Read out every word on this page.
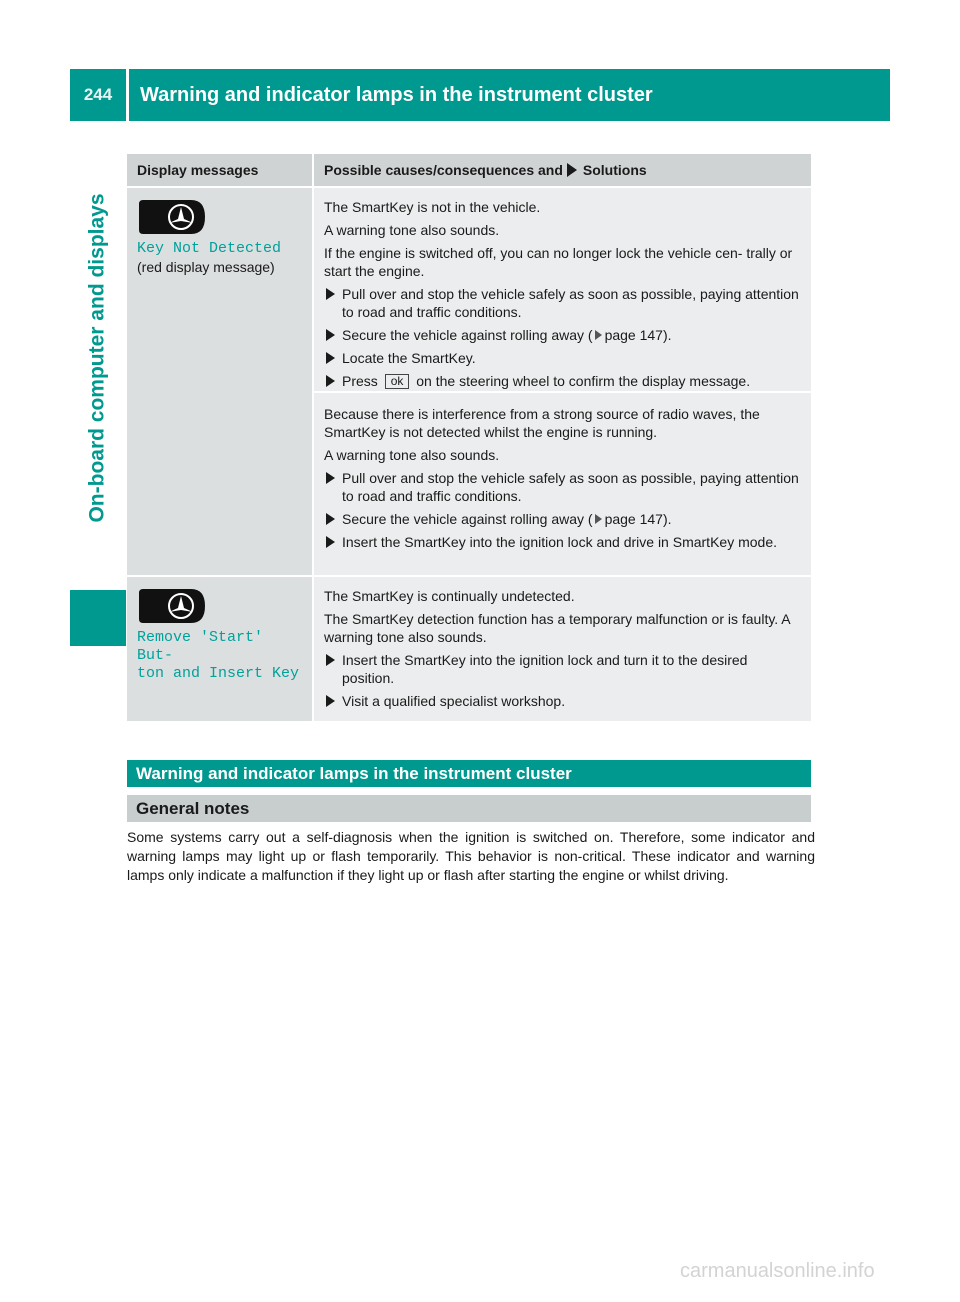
244	Warning and indicator lamps in the instrument cluster
On-board computer and displays
Display messages	Possible causes/consequences and Solutions
Key Not Detected
(red display message)

The SmartKey is not in the vehicle.

A warning tone also sounds.

If the engine is switched off, you can no longer lock the vehicle cen- trally or start the engine.

Pull over and stop the vehicle safely as soon as possible, paying attention to road and traffic conditions.
Secure the vehicle against rolling away ( page 147).
Locate the SmartKey.
Press ok on the steering wheel to confirm the display message.

Because there is interference from a strong source of radio waves, the SmartKey is not detected whilst the engine is running.

A warning tone also sounds.

Pull over and stop the vehicle safely as soon as possible, paying attention to road and traffic conditions.
Secure the vehicle against rolling away ( page 147).
Insert the SmartKey into the ignition lock and drive in SmartKey mode.
Remove 'Start' But‐
ton and Insert Key

The SmartKey is continually undetected.

The SmartKey detection function has a temporary malfunction or is faulty. A warning tone also sounds.

Insert the SmartKey into the ignition lock and turn it to the desired position.
Visit a qualified specialist workshop.
Warning and indicator lamps in the instrument cluster
General notes

Some systems carry out a self-diagnosis when the ignition is switched on. Therefore, some indicator and warning lamps may light up or flash temporarily. This behavior is non-critical. These indicator and warning lamps only indicate a malfunction if they light up or flash after starting the engine or whilst driving.

carmanualsonline.info
